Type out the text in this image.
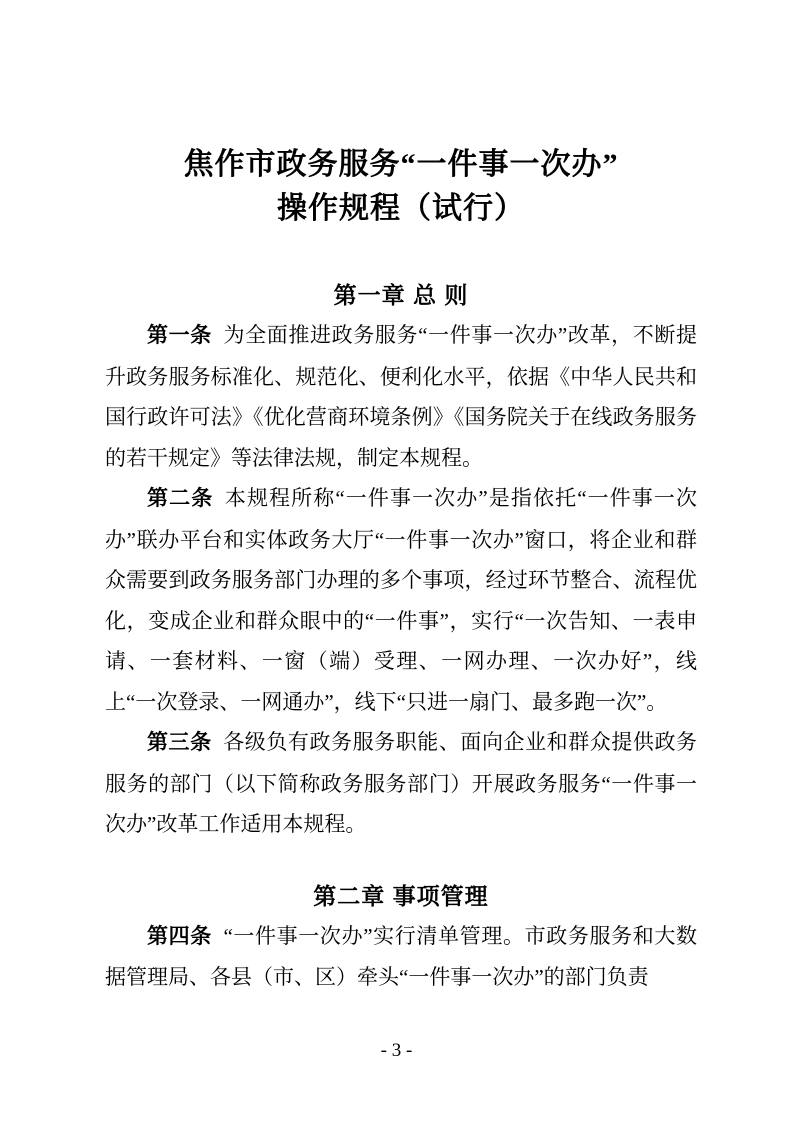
焦作市政务服务“一件事一次办”
操作规程（试行）
第一章 总 则

第一条 为全面推进政务服务“一件事一次办”改革，不断提升政务服务标准化、规范化、便利化水平，依据《中华人民共和国行政许可法》《优化营商环境条例》《国务院关于在线政务服务的若干规定》等法律法规，制定本规程。

第二条 本规程所称“一件事一次办”是指依托“一件事一次办”联办平台和实体政务大厅“一件事一次办”窗口，将企业和群众需要到政务服务部门办理的多个事项，经过环节整合、流程优化，变成企业和群众眼中的“一件事”，实行“一次告知、一表申请、一套材料、一窗（端）受理、一网办理、一次办好”，线上“一次登录、一网通办”，线下“只进一扇门、最多跑一次”。

第三条 各级负有政务服务职能、面向企业和群众提供政务服务的部门（以下简称政务服务部门）开展政务服务“一件事一次办”改革工作适用本规程。

第二章 事项管理

第四条 “一件事一次办”实行清单管理。市政务服务和大数据管理局、各县（市、区）牵头“一件事一次办”的部门负责

- 3 -
